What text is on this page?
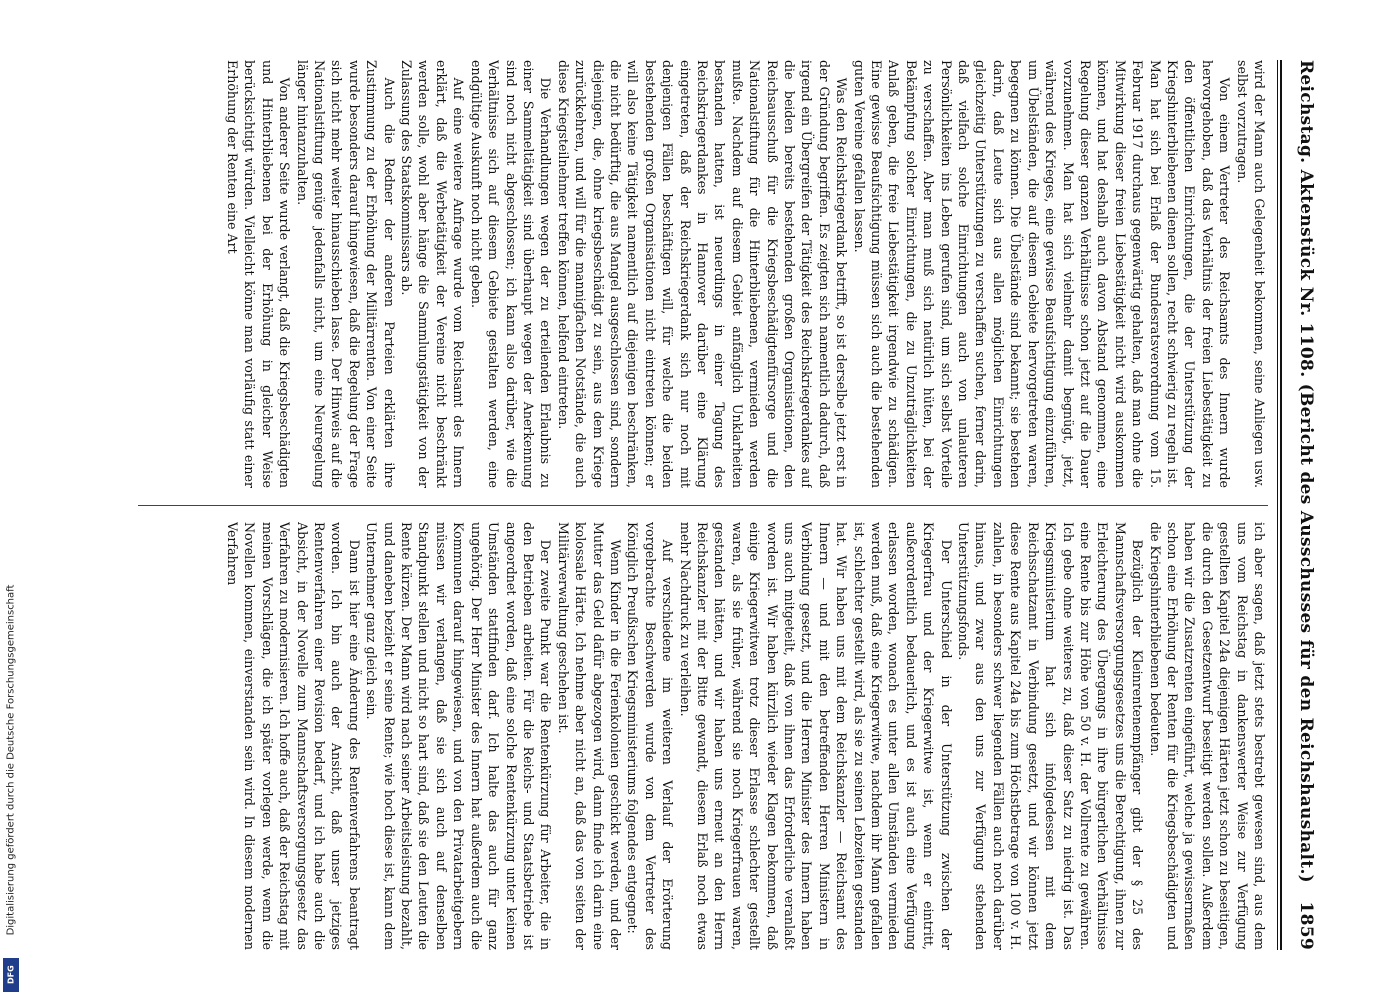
Digitalisierung gefördert durch die Deutsche Forschungsgemeinschaft
DFG
Reichstag. Aktenstück Nr. 1108. (Bericht des Ausschusses für den Reichshaushalt.)
1859

wird der Mann auch Gelegenheit bekommen, seine Anliegen usw. selbst vorzutragen.

Von einem Vertreter des Reichsamts des Innern wurde hervorgehoben, daß das Verhältnis der freien Liebestätigkeit zu den öffentlichen Einrichtungen, die der Unterstützung der Kriegshinterbliebenen dienen sollen, recht schwierig zu regeln ist. Man hat sich bei Erlaß der Bundesratsverordnung vom 15. Februar 1917 durchaus gegenwärtig gehalten, daß man ohne die Mitwirkung dieser freien Liebestätigkeit nicht wird auskommen können, und hat deshalb auch davon Abstand genommen, eine Regelung dieser ganzen Verhältnisse schon jetzt auf die Dauer vorzunehmen. Man hat sich vielmehr damit begnügt, jetzt, während des Krieges, eine gewisse Beaufsichtigung einzuführen, um Übelständen, die auf diesem Gebiete hervorgetreten waren, begegnen zu können. Die Übelstände sind bekannt; sie bestehen darin, daß Leute sich aus allen möglichen Einrichtungen gleichzeitig Unterstützungen zu verschaffen suchen, ferner darin, daß vielfach solche Einrichtungen auch von unlauteren Persönlichkeiten ins Leben gerufen sind, um sich selbst Vorteile zu verschaffen. Aber man muß sich natürlich hüten, bei der Bekämpfung solcher Einrichtungen, die zu Unzuträglichkeiten Anlaß geben, die freie Liebestätigkeit irgendwie zu schädigen. Eine gewisse Beaufsichtigung müssen sich auch die bestehenden guten Vereine gefallen lassen.

Was den Reichskriegerdank betrifft, so ist derselbe jetzt erst in der Gründung begriffen. Es zeigten sich namentlich dadurch, daß irgend ein Übergreifen der Tätigkeit des Reichskriegerdankes auf die beiden bereits bestehenden großen Organisationen, den Reichsausschuß für die Kriegsbeschädigtenfürsorge und die Nationalstiftung für die Hinterbliebenen, vermieden werden mußte. Nachdem auf diesem Gebiet anfänglich Unklarheiten bestanden hatten, ist neuerdings in einer Tagung des Reichskriegerdankes in Hannover darüber eine Klärung eingetreten, daß der Reichskriegerdank sich nur noch mit denjenigen Fällen beschäftigen will, für welche die beiden bestehenden großen Organisationen nicht eintreten können; er will also keine Tätigkeit namentlich auf diejenigen beschränken, die nicht bedürftig, die aus Mangel ausgeschlossen sind, sondern diejenigen, die, ohne kriegsbeschädigt zu sein, aus dem Kriege zurückkehren, und will für die mannigfachen Notstände, die auch diese Kriegsteilnehmer treffen können, helfend eintreten.

Die Verhandlungen wegen der zu erteilenden Erlaubnis zu einer Sammeltätigkeit sind überhaupt wegen der Anerkennung sind noch nicht abgeschlossen; ich kann also darüber, wie die Verhältnisse sich auf diesem Gebiete gestalten werden, eine endgültige Auskunft noch nicht geben.

Auf eine weitere Anfrage wurde vom Reichsamt des Innern erklärt, daß die Werbetätigkeit der Vereine nicht beschränkt werden solle, wohl aber hänge die Sammlungstätigkeit von der Zulassung des Staatskommissars ab.

Auch die Redner der anderen Parteien erklärten ihre Zustimmung zu der Erhöhung der Militärrenten. Von einer Seite wurde besonders darauf hingewiesen, daß die Regelung der Frage sich nicht mehr weiter hinausschieben lasse. Der Hinweis auf die Nationalstiftung genüge jedenfalls nicht, um eine Neuregelung länger hintanzuhalten.

Von anderer Seite wurde verlangt, daß die Kriegsbeschädigten und Hinterbliebenen bei der Erhöhung in gleicher Weise berücksichtigt würden. Vielleicht könne man vorläufig statt einer Erhöhung der Renten eine Art

ich aber sagen, daß jetzt stets bestrebt gewesen sind, aus dem uns vom Reichstag in dankenswerter Weise zur Verfügung gestellten Kapitel 24a diejenigen Härten jetzt schon zu beseitigen, die durch den Gesetzentwurf beseitigt werden sollen. Außerdem haben wir die Zusatzrenten eingeführt, welche ja gewissermaßen schon eine Erhöhung der Renten für die Kriegsbeschädigten und die Kriegshinterbliebenen bedeuten.

Bezüglich der Kleinrentenempfänger gibt der § 25 des Mannschaftsversorgungsgesetzes uns die Berechtigung, ihnen zur Erleichterung des Übergangs in ihre bürgerlichen Verhältnisse eine Rente bis zur Höhe von 50 v. H. der Vollrente zu gewähren. Ich gebe ohne weiteres zu, daß dieser Satz zu niedrig ist. Das Kriegsministerium hat sich infolgedessen mit dem Reichsschatzamt in Verbindung gesetzt, und wir können jetzt diese Rente aus Kapitel 24a bis zum Höchstbetrage von 100 v. H. zahlen, in besonders schwer liegenden Fällen auch noch darüber hinaus, und zwar aus den uns zur Verfügung stehenden Unterstützungsfonds.

Der Unterschied in der Unterstützung zwischen der Kriegerfrau und der Kriegerwitwe ist, wenn er eintritt, außerordentlich bedauerlich, und es ist auch eine Verfügung erlassen worden, wonach es unter allen Umständen vermieden werden muß, daß eine Kriegerwitwe, nachdem ihr Mann gefallen ist, schlechter gestellt wird, als sie zu seinen Lebzeiten gestanden hat. Wir haben uns mit dem Reichskanzler — Reichsamt des Innern — und mit den betreffenden Herren Ministern in Verbindung gesetzt, und die Herren Minister des Innern haben uns auch mitgeteilt, daß von ihnen das Erforderliche veranlaßt worden ist. Wir haben kürzlich wieder Klagen bekommen, daß einige Kriegerwitwen trotz dieser Erlasse schlechter gestellt waren, als sie früher, während sie noch Kriegerfrauen waren, gestanden hätten, und wir haben uns erneut an den Herrn Reichskanzler mit der Bitte gewandt, diesem Erlaß noch etwas mehr Nachdruck zu verleihen.

Auf verschiedene im weiteren Verlauf der Erörterung vorgebrachte Beschwerden wurde von dem Vertreter des Königlich Preußischen Kriegsministeriums folgendes entgegnet:

Wenn Kinder in die Ferienkolonien geschickt werden, und der Mutter das Geld dafür abgezogen wird, dann finde ich darin eine kolossale Härte. Ich nehme aber nicht an, daß das von seiten der Militärverwaltung geschehen ist.

Der zweite Punkt war die Rentenkürzung für Arbeiter, die in den Betrieben arbeiten. Für die Reichs- und Staatsbetriebe ist angeordnet worden, daß eine solche Rentenkürzung unter keinen Umständen stattfinden darf. Ich halte das auch für ganz ungehörig. Der Herr Minister des Innern hat außerdem auch die Kommunen darauf hingewiesen, und von den Privatarbeitgebern müssen wir verlangen, daß sie sich auch auf denselben Standpunkt stellen und nicht so hart sind, daß sie den Leuten die Rente kürzen. Der Mann wird nach seiner Arbeitsleistung bezahlt, und daneben bezieht er seine Rente; wie hoch diese ist, kann dem Unternehmer ganz gleich sein.

Dann ist hier eine Änderung des Rentenverfahrens beantragt worden. Ich bin auch der Ansicht, daß unser jetziges Rentenverfahren einer Revision bedarf, und ich habe auch die Absicht, in der Novelle zum Mannschaftsversorgungsgesetz das Verfahren zu modernisieren. Ich hoffe auch, daß der Reichstag mit meinen Vorschlägen, die ich später vorlegen werde, wenn die Novellen kommen, einverstanden sein wird. In diesem modernen Verfahren
